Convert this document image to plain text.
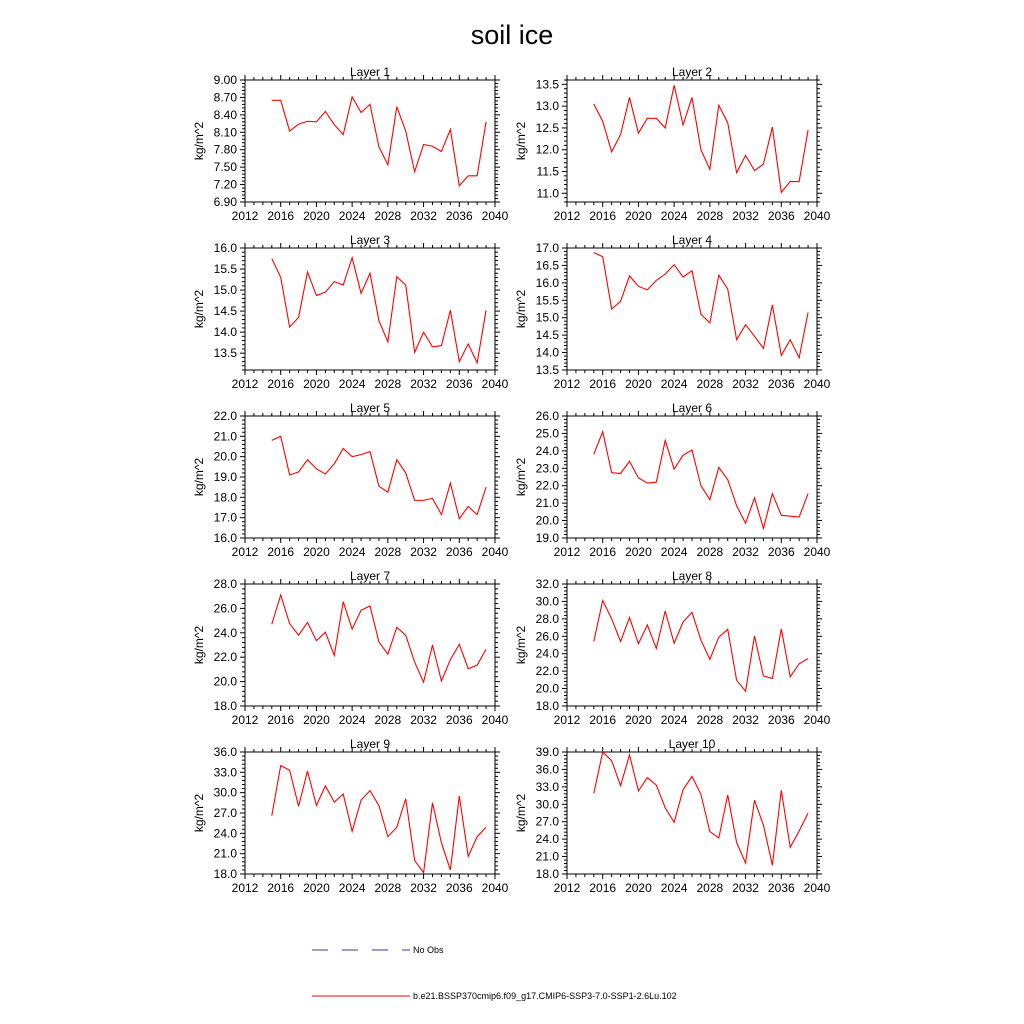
soil ice
Layer 1
2012 2016 2020 2024 2028 2032 2036 2040
6.90
7.20
7.50
7.80
8.10
8.40
8.70
9.00
kg/m^2
Layer 2
2012 2016 2020 2024 2028 2032 2036 2040
11.0
11.5
12.0
12.5
13.0
13.5
kg/m^2
Layer 3
2012 2016 2020 2024 2028 2032 2036 2040
13.5
14.0
14.5
15.0
15.5
16.0
kg/m^2
Layer 4
2012 2016 2020 2024 2028 2032 2036 2040
13.5
14.0
14.5
15.0
15.5
16.0
16.5
17.0
kg/m^2
Layer 5
2012 2016 2020 2024 2028 2032 2036 2040
16.0
17.0
18.0
19.0
20.0
21.0
22.0
kg/m^2
Layer 6
2012 2016 2020 2024 2028 2032 2036 2040
19.0
20.0
21.0
22.0
23.0
24.0
25.0
26.0
kg/m^2
Layer 7
2012 2016 2020 2024 2028 2032 2036 2040
18.0
20.0
22.0
24.0
26.0
28.0
kg/m^2
Layer 8
2012 2016 2020 2024 2028 2032 2036 2040
18.0
20.0
22.0
24.0
26.0
28.0
30.0
32.0
kg/m^2
Layer 9
2012 2016 2020 2024 2028 2032 2036 2040
18.0
21.0
24.0
27.0
30.0
33.0
36.0
kg/m^2
Layer 10
2012 2016 2020 2024 2028 2032 2036 2040
18.0
21.0
24.0
27.0
30.0
33.0
36.0
39.0
kg/m^2
No Obs
b.e21.BSSP370cmip6.f09_g17.CMIP6-SSP3-7.0-SSP1-2.6Lu.102
